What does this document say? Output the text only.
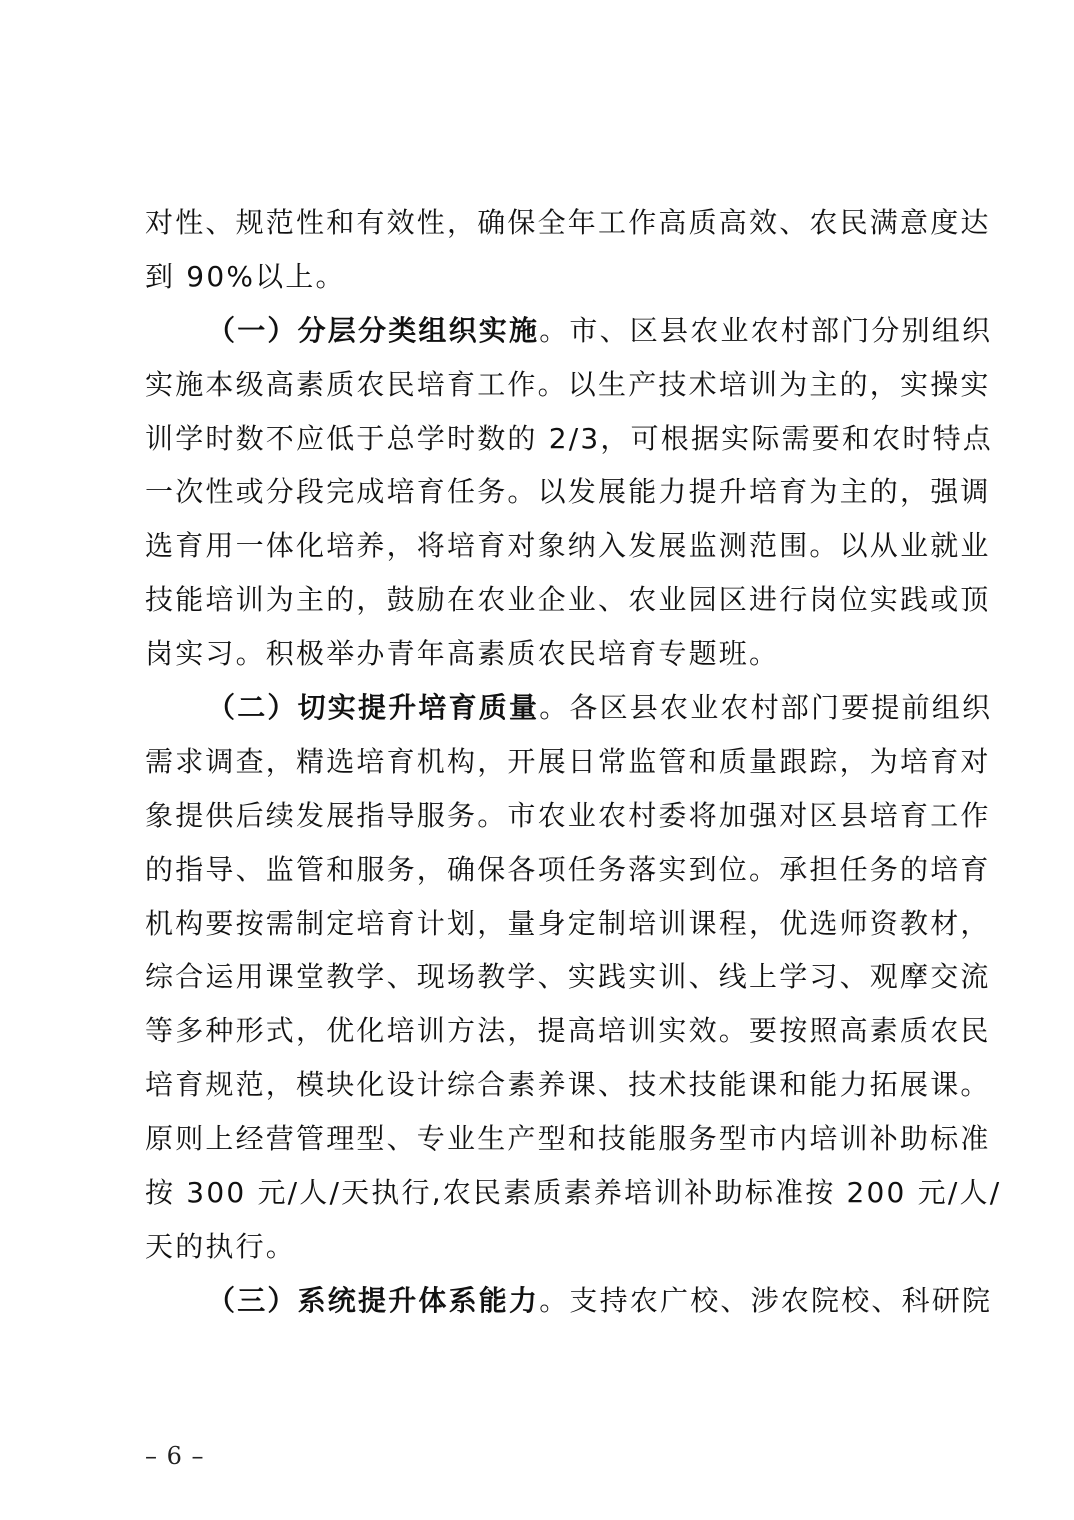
对性、规范性和有效性，确保全年工作高质高效、农民满意度达
到 90%以上。
（一）分层分类组织实施。市、区县农业农村部门分别组织
实施本级高素质农民培育工作。以生产技术培训为主的，实操实
训学时数不应低于总学时数的 2/3，可根据实际需要和农时特点
一次性或分段完成培育任务。以发展能力提升培育为主的，强调
选育用一体化培养，将培育对象纳入发展监测范围。以从业就业
技能培训为主的，鼓励在农业企业、农业园区进行岗位实践或顶
岗实习。积极举办青年高素质农民培育专题班。
（二）切实提升培育质量。各区县农业农村部门要提前组织
需求调查，精选培育机构，开展日常监管和质量跟踪，为培育对
象提供后续发展指导服务。市农业农村委将加强对区县培育工作
的指导、监管和服务，确保各项任务落实到位。承担任务的培育
机构要按需制定培育计划，量身定制培训课程，优选师资教材，
综合运用课堂教学、现场教学、实践实训、线上学习、观摩交流
等多种形式，优化培训方法，提高培训实效。要按照高素质农民
培育规范，模块化设计综合素养课、技术技能课和能力拓展课。
原则上经营管理型、专业生产型和技能服务型市内培训补助标准
按 300 元/人/天执行,农民素质素养培训补助标准按 200 元/人/
天的执行。
（三）系统提升体系能力。支持农广校、涉农院校、科研院
– 6 –
